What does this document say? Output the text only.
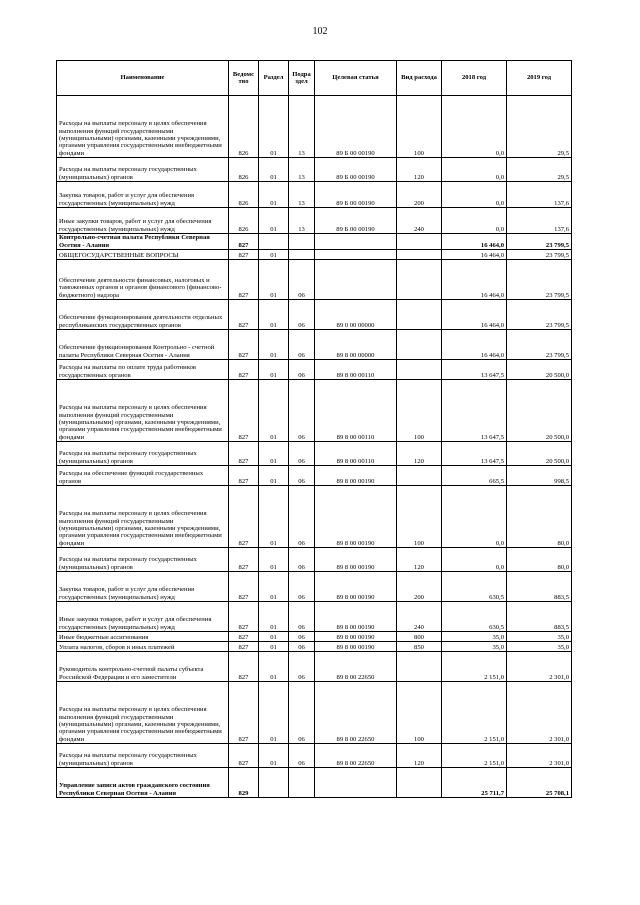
102
Наименование	Ведомс тво	Раздел	Подра здел	Целевая статья	Вид расхода	2018 год	2019 год
Расходы на выплаты персоналу в целях обеспечения выполнения функций государственными (муниципальными) органами, казенными учреждениями, органами управления государственными внебюджетными фондами	826	01	13	89 Б 00 00190	100	0,0	29,5
Расходы на выплаты персоналу государственных (муниципальных) органов	826	01	13	89 Б 00 00190	120	0,0	29,5
Закупка товаров, работ и услуг для обеспечения государственных (муниципальных) нужд	826	01	13	89 Б 00 00190	200	0,0	137,6
Иные закупки товаров, работ и услуг для обеспечения государственных (муниципальных) нужд	826	01	13	89 Б 00 00190	240	0,0	137,6
Контрольно-счетная палата Республики Северная Осетия - Алания	827					16 464,0	23 799,5
ОБЩЕГОСУДАРСТВЕННЫЕ ВОПРОСЫ	827	01				16 464,0	23 799,5
Обеспечение деятельности финансовых, налоговых и таможенных органов и органов финансового (финансово-бюджетного) надзора	827	01	06			16 464,0	23 799,5
Обеспечение функционирования деятельности отдельных республиканских государственных органов	827	01	06	89 0 00 00000		16 464,0	23 799,5
Обеспечение функционирования Контрольно - счетной палаты Республики Северная Осетия - Алания	827	01	06	89 8 00 00000		16 464,0	23 799,5
Расходы на выплаты по оплате труда работников государственных органов	827	01	06	89 8 00 00110		13 647,5	20 500,0
Расходы на выплаты персоналу в целях обеспечения выполнения функций государственными (муниципальными) органами, казенными учреждениями, органами управления государственными внебюджетными фондами	827	01	06	89 8 00 00110	100	13 647,5	20 500,0
Расходы на выплаты персоналу государственных (муниципальных) органов	827	01	06	89 8 00 00110	120	13 647,5	20 500,0
Расходы на обеспечение функций государственных органов	827	01	06	89 8 00 00190		665,5	998,5
Расходы на выплаты персоналу в целях обеспечения выполнения функций государственными (муниципальными) органами, казенными учреждениями, органами управления государственными внебюджетными фондами	827	01	06	89 8 00 00190	100	0,0	80,0
Расходы на выплаты персоналу государственных (муниципальных) органов	827	01	06	89 8 00 00190	120	0,0	80,0
Закупка товаров, работ и услуг для обеспечения государственных (муниципальных) нужд	827	01	06	89 8 00 00190	200	630,5	883,5
Иные закупки товаров, работ и услуг для обеспечения государственных (муниципальных) нужд	827	01	06	89 8 00 00190	240	630,5	883,5
Иные бюджетные ассигнования	827	01	06	89 8 00 00190	800	35,0	35,0
Уплата налогов, сборов и иных платежей	827	01	06	89 8 00 00190	850	35,0	35,0
Руководитель контрольно-счетной палаты субъекта Российской Федерации и его заместители	827	01	06	89 8 00 22650		2 151,0	2 301,0
Расходы на выплаты персоналу в целях обеспечения выполнения функций государственными (муниципальными) органами, казенными учреждениями, органами управления государственными внебюджетными фондами	827	01	06	89 8 00 22650	100	2 151,0	2 301,0
Расходы на выплаты персоналу государственных (муниципальных) органов	827	01	06	89 8 00 22650	120	2 151,0	2 301,0
Управление записи актов гражданского состояния Республики Северная Осетия - Алания	829					25 711,7	25 708,1
